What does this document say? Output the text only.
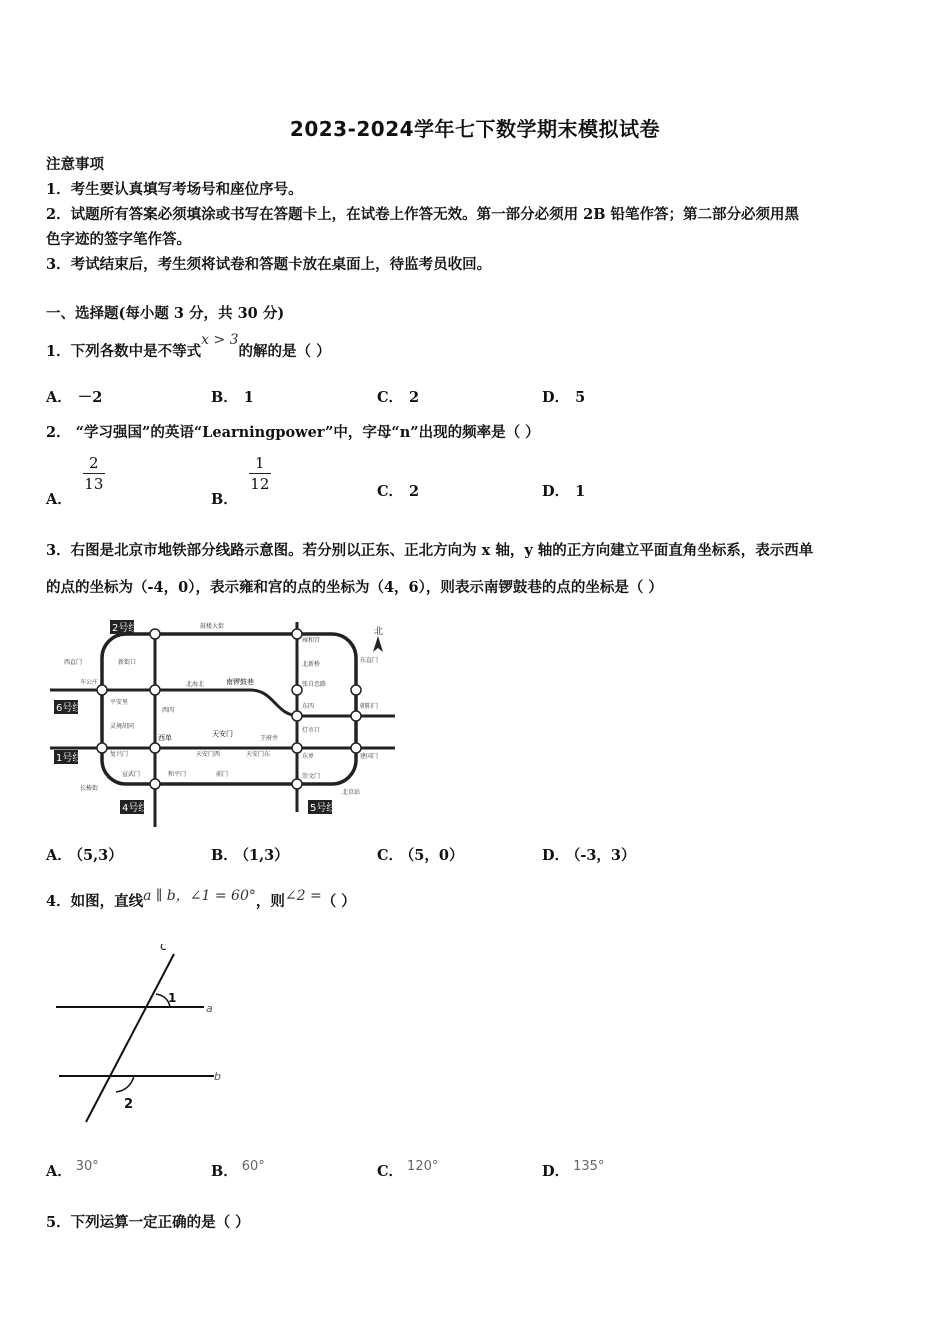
2023-2024学年七下数学期末模拟试卷
注意事项
1．考生要认真填写考场号和座位序号。
2．试题所有答案必须填涂或书写在答题卡上，在试卷上作答无效。第一部分必须用 2B 铅笔作答；第二部分必须用黑
色字迹的签字笔作答。
3．考试结束后，考生须将试卷和答题卡放在桌面上，待监考员收回。
一、选择题(每小题 3 分，共 30 分)
1．下列各数中是不等式x > 3的解的是（ ）
A． －2	B． 1	C． 2	D． 5
2． “学习强国”的英语“Learningpower”中，字母“n”出现的频率是（ ）
A．
$\frac{2}{13}$
B．
$\frac{1}{12}$	C． 2	D． 1
3．右图是北京市地铁部分线路示意图。若分别以正东、正北方向为 x 轴，y 轴的正方向建立平面直角坐标系，表示西单
的点的坐标为（-4，0），表示雍和宫的点的坐标为（4，6），则表示南锣鼓巷的点的坐标是（ ）
2号线
6号线
1号线
4号线	5号线
北
鼓楼大街
雍和宫
西直门	新街口	东直门
北新桥
车公庄	北海北	南锣鼓巷	张自忠路
平安里
西四
东四	朝阳门
灵境胡同
西单	天安门
王府井
灯市口
复兴门	天安门西	天安门东	东单	建国门
宣武门	和平门	前门	崇文门
长椿街
北京站
A． （5,3）	B． （1,3）	C． （5，0）	D． （-3，3）
4．如图，直线a ∥ b，∠1 = 60°，则∠2 =（ ）
c
a
b
1
2
A． 30°	B． 60°	C． 120°	D． 135°
5．下列运算一定正确的是（ ）
